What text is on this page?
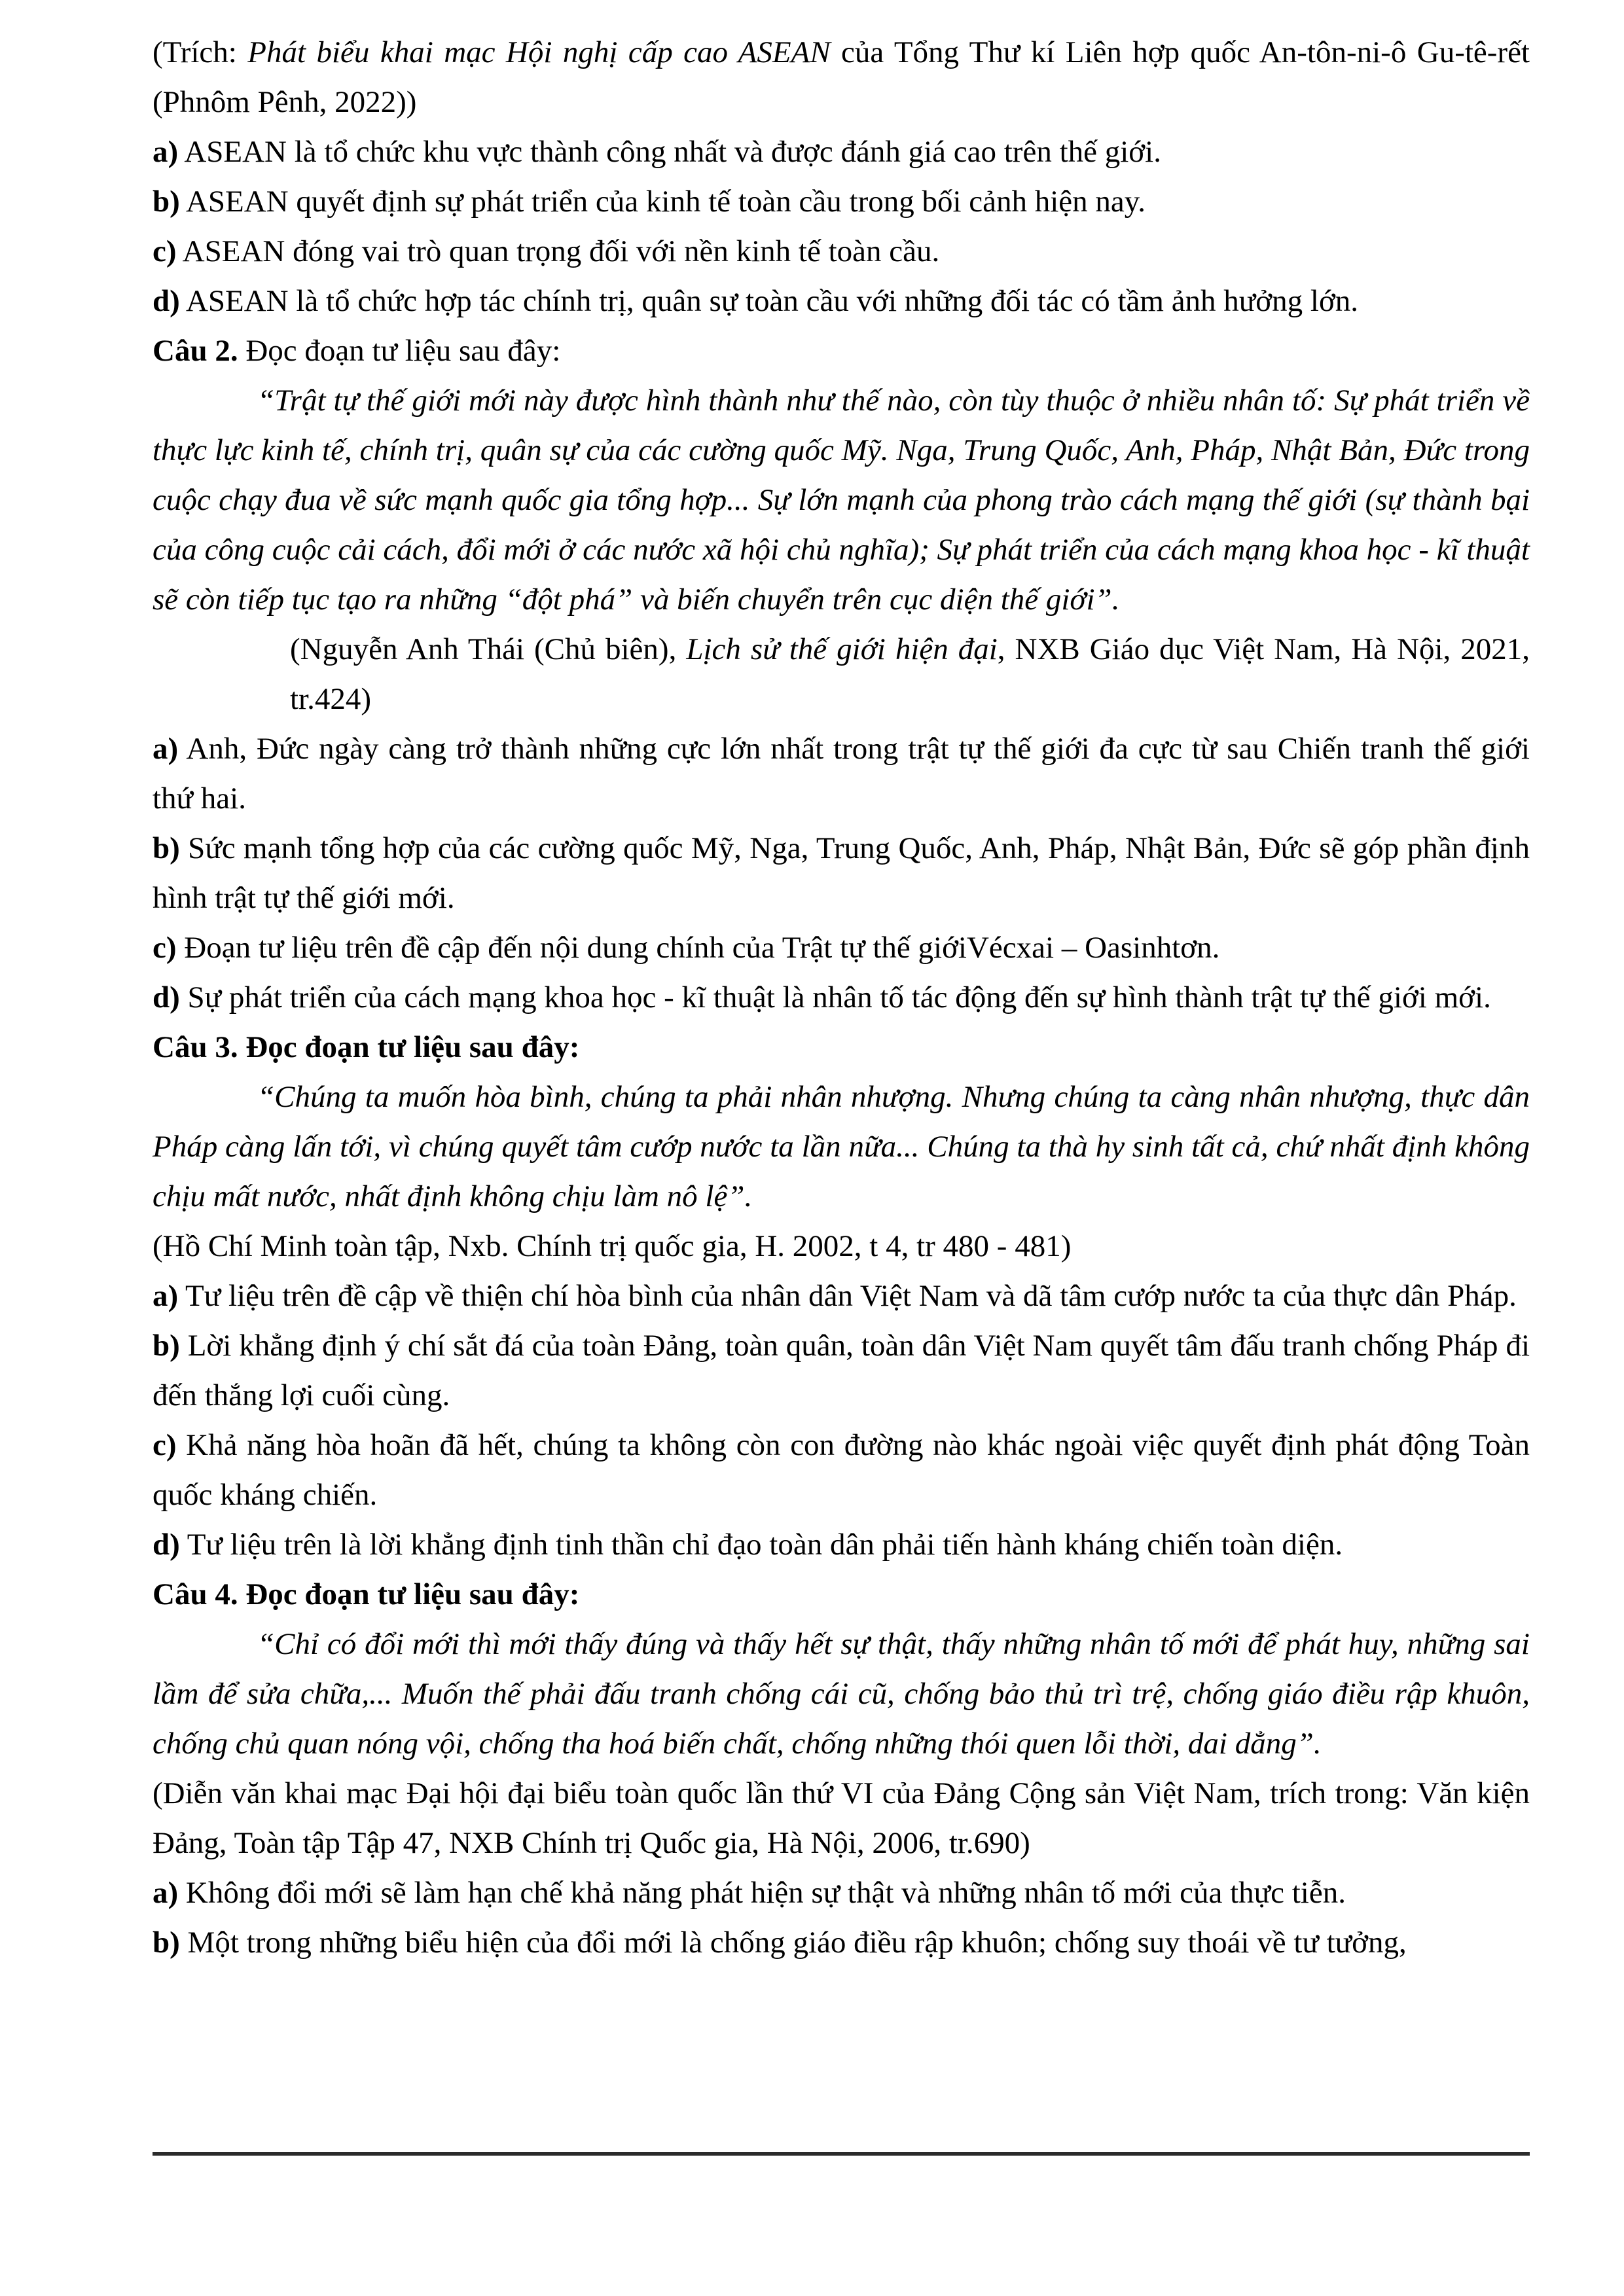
(Trích: Phát biểu khai mạc Hội nghị cấp cao ASEAN của Tổng Thư kí Liên hợp quốc An-tôn-ni-ô Gu-tê-rết (Phnôm Pênh, 2022))

a) ASEAN là tổ chức khu vực thành công nhất và được đánh giá cao trên thế giới.

b) ASEAN quyết định sự phát triển của kinh tế toàn cầu trong bối cảnh hiện nay.

c) ASEAN đóng vai trò quan trọng đối với nền kinh tế toàn cầu.

d) ASEAN là tổ chức hợp tác chính trị, quân sự toàn cầu với những đối tác có tầm ảnh hưởng lớn.

Câu 2. Đọc đoạn tư liệu sau đây:

“Trật tự thế giới mới này được hình thành như thế nào, còn tùy thuộc ở nhiều nhân tố: Sự phát triển về thực lực kinh tế, chính trị, quân sự của các cường quốc Mỹ. Nga, Trung Quốc, Anh, Pháp, Nhật Bản, Đức trong cuộc chạy đua về sức mạnh quốc gia tổng hợp... Sự lớn mạnh của phong trào cách mạng thế giới (sự thành bại của công cuộc cải cách, đổi mới ở các nước xã hội chủ nghĩa); Sự phát triển của cách mạng khoa học - kĩ thuật sẽ còn tiếp tục tạo ra những “đột phá” và biến chuyển trên cục diện thế giới”.

(Nguyễn Anh Thái (Chủ biên), Lịch sử thế giới hiện đại, NXB Giáo dục Việt Nam, Hà Nội, 2021, tr.424)

a) Anh, Đức ngày càng trở thành những cực lớn nhất trong trật tự thế giới đa cực từ sau Chiến tranh thế giới thứ hai.

b) Sức mạnh tổng hợp của các cường quốc Mỹ, Nga, Trung Quốc, Anh, Pháp, Nhật Bản, Đức sẽ góp phần định hình trật tự thế giới mới.

c) Đoạn tư liệu trên đề cập đến nội dung chính của Trật tự thế giớiVécxai – Oasinhtơn.

d) Sự phát triển của cách mạng khoa học - kĩ thuật là nhân tố tác động đến sự hình thành trật tự thế giới mới.

Câu 3. Đọc đoạn tư liệu sau đây:

“Chúng ta muốn hòa bình, chúng ta phải nhân nhượng. Nhưng chúng ta càng nhân nhượng, thực dân Pháp càng lấn tới, vì chúng quyết tâm cướp nước ta lần nữa... Chúng ta thà hy sinh tất cả, chứ nhất định không chịu mất nước, nhất định không chịu làm nô lệ”.

(Hồ Chí Minh toàn tập, Nxb. Chính trị quốc gia, H. 2002, t 4, tr 480 - 481)

a) Tư liệu trên đề cập về thiện chí hòa bình của nhân dân Việt Nam và dã tâm cướp nước ta của thực dân Pháp.

b) Lời khẳng định ý chí sắt đá của toàn Đảng, toàn quân, toàn dân Việt Nam quyết tâm đấu tranh chống Pháp đi đến thắng lợi cuối cùng.

c) Khả năng hòa hoãn đã hết, chúng ta không còn con đường nào khác ngoài việc quyết định phát động Toàn quốc kháng chiến.

d) Tư liệu trên là lời khẳng định tinh thần chỉ đạo toàn dân phải tiến hành kháng chiến toàn diện.

Câu 4. Đọc đoạn tư liệu sau đây:

“Chỉ có đổi mới thì mới thấy đúng và thấy hết sự thật, thấy những nhân tố mới để phát huy, những sai lầm để sửa chữa,... Muốn thế phải đấu tranh chống cái cũ, chống bảo thủ trì trệ, chống giáo điều rập khuôn, chống chủ quan nóng vội, chống tha hoá biến chất, chống những thói quen lỗi thời, dai dẳng”.

(Diễn văn khai mạc Đại hội đại biểu toàn quốc lần thứ VI của Đảng Cộng sản Việt Nam, trích trong: Văn kiện Đảng, Toàn tập Tập 47, NXB Chính trị Quốc gia, Hà Nội, 2006, tr.690)

a) Không đổi mới sẽ làm hạn chế khả năng phát hiện sự thật và những nhân tố mới của thực tiễn.

b) Một trong những biểu hiện của đổi mới là chống giáo điều rập khuôn; chống suy thoái về tư tưởng,
